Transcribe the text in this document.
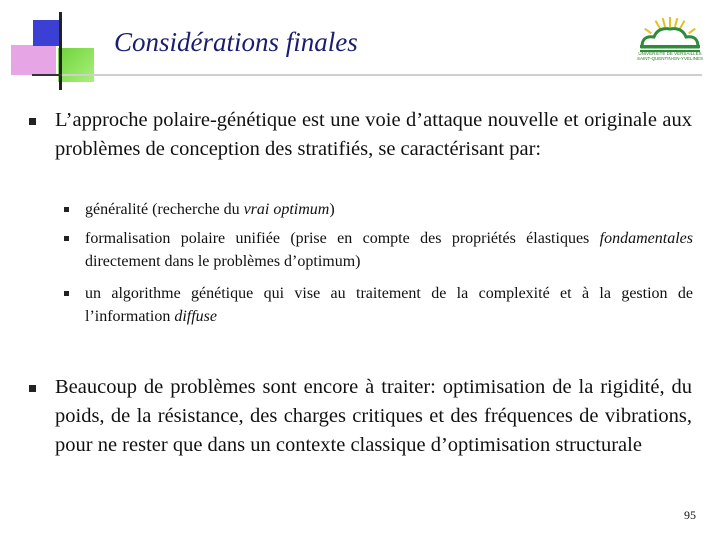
Considérations finales	UNIVERSITÉ DE VERSAILLES
SAINT-QUENTIN-EN-YVELINES

L’approche polaire-génétique est une voie d’attaque nouvelle et originale aux problèmes de conception des stratifiés, se caractérisant par:

généralité (recherche du vrai optimum)

formalisation polaire unifiée (prise en compte des propriétés élastiques fondamentales directement dans le problèmes d’optimum)

un algorithme génétique qui vise au traitement de la complexité et à la gestion de l’information diffuse

Beaucoup de problèmes sont encore à traiter: optimisation de la rigidité, du poids, de la résistance, des charges critiques et des fréquences de vibrations, pour ne rester que dans un contexte classique d’optimisation structurale

95
